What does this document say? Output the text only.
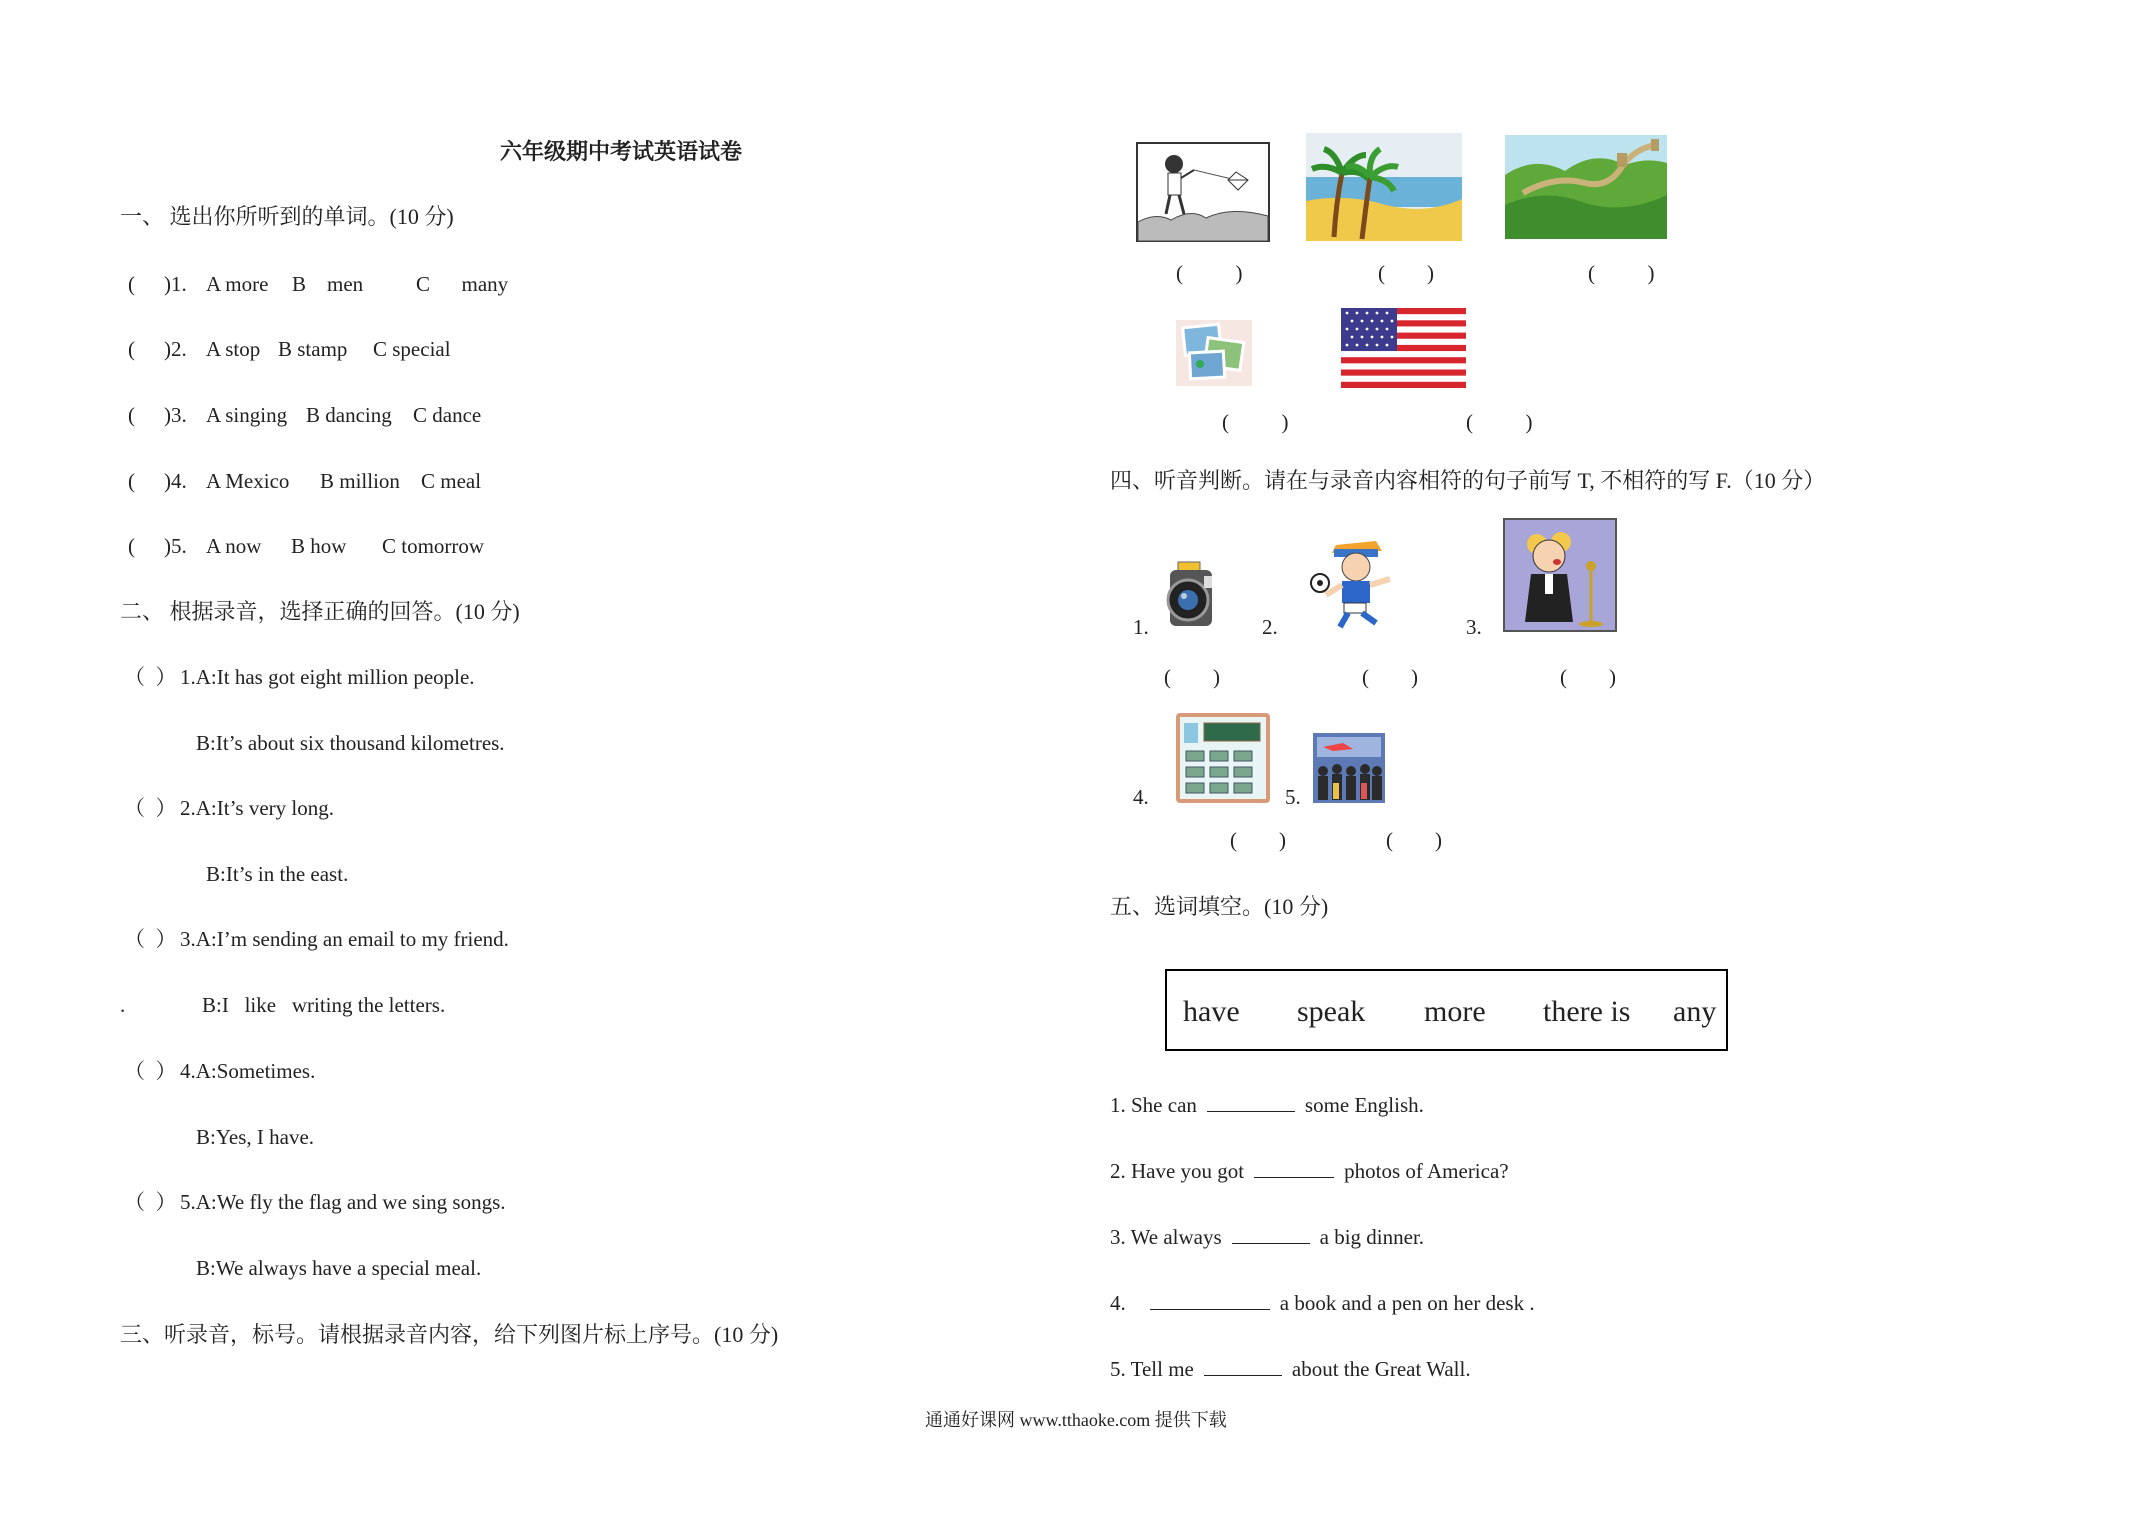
六年级期中考试英语试卷
一、 选出你所听到的单词。(10 分)
( )1. A more B    men	C      many
( )2. A stop B stamp C special
( )3. A singing B dancing C dance
( )4. A Mexico B million C meal
( )5. A now B how C tomorrow
二、 根据录音，选择正确的回答。(10 分)
（  ） 1.A:It has got eight million people.
B:It’s about six thousand kilometres.
（  ） 2.A:It’s very long.
B:It’s in the east.
（  ） 3.A:I’m sending an email to my friend.
.	B:I   like   writing the letters.
（  ） 4.A:Sometimes.
B:Yes, I have.
（  ） 5.A:We fly the flag and we sing songs.
B:We always have a special meal.
三、听录音，标号。请根据录音内容，给下列图片标上序号。(10 分)
(          )	(        )	(          )
(          )	(          )
四、听音判断。请在与录音内容相符的句子前写 T, 不相符的写 F.（10 分）
1.	2.	3.
4.	5.
(        )	(        )	(        )
(        )	(        )
五、选词填空。(10 分)
have speak more there is any
1. She can	some English.
2. Have you got	photos of America?
3. We always	a big dinner.
4.	a book and a pen on her desk .
5. Tell me	about the Great Wall.
通通好课网 www.tthaoke.com 提供下载
